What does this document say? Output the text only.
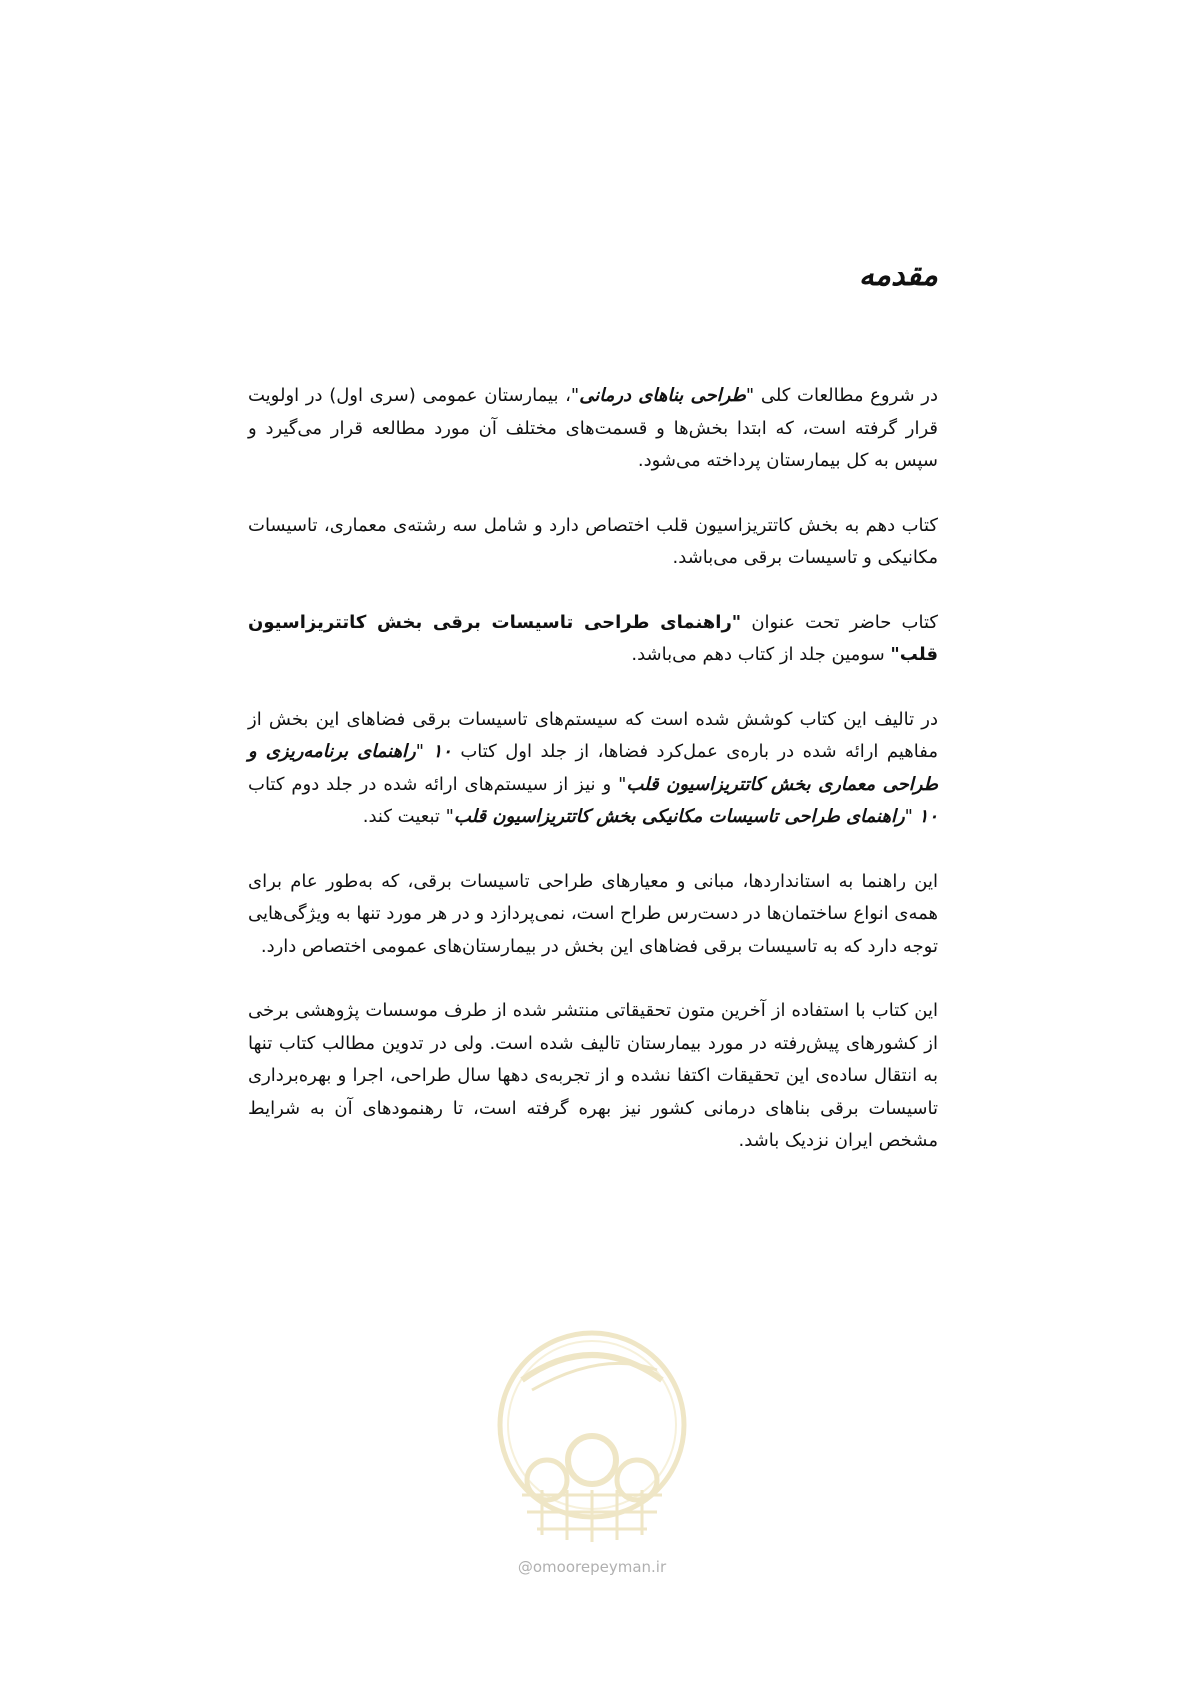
مقدمه

در شروع مطالعات کلی "طراحی بناهای درمانی"، بیمارستان عمومی (سری اول) در اولویت قرار گرفته است، که ابتدا بخش‌ها و قسمت‌های مختلف آن مورد مطالعه قرار می‌گیرد و سپس به کل بیمارستان پرداخته می‌شود.

کتاب دهم به بخش کاتتریزاسیون قلب اختصاص دارد و شامل سه رشته‌ی معماری، تاسیسات مکانیکی و تاسیسات برقی می‌باشد.

کتاب حاضر تحت عنوان "راهنمای طراحی تاسیسات برقی بخش کاتتریزاسیون قلب" سومین جلد از کتاب دهم می‌باشد.

در تالیف این کتاب کوشش شده است که سیستم‌های تاسیسات برقی فضاهای این بخش از مفاهیم ارائه شده در باره‌ی عمل‌کرد فضاها، از جلد اول کتاب ۱۰ "راهنمای برنامه‌ریزی و طراحی معماری بخش کاتتریزاسیون قلب" و نیز از سیستم‌های ارائه شده در جلد دوم کتاب ۱۰ "راهنمای طراحی تاسیسات مکانیکی بخش کاتتریزاسیون قلب" تبعیت کند.

این راهنما به استانداردها، مبانی و معیارهای طراحی تاسیسات برقی، که به‌طور عام برای همه‌ی انواع ساختمان‌ها در دست‌رس طراح است، نمی‌پردازد و در هر مورد تنها به ویژگی‌هایی توجه دارد که به تاسیسات برقی فضاهای این بخش در بیمارستان‌های عمومی اختصاص دارد.

این کتاب با استفاده از آخرین متون تحقیقاتی منتشر شده از طرف موسسات پژوهشی برخی از کشورهای پیش‌رفته در مورد بیمارستان تالیف شده است. ولی در تدوین مطالب کتاب تنها به انتقال ساده‌ی این تحقیقات اکتفا نشده و از تجربه‌ی دهها سال طراحی، اجرا و بهره‌برداری تاسیسات برقی بناهای درمانی کشور نیز بهره گرفته است، تا رهنمودهای آن به شرایط مشخص ایران نزدیک باشد.

@omoorepeyman.ir
